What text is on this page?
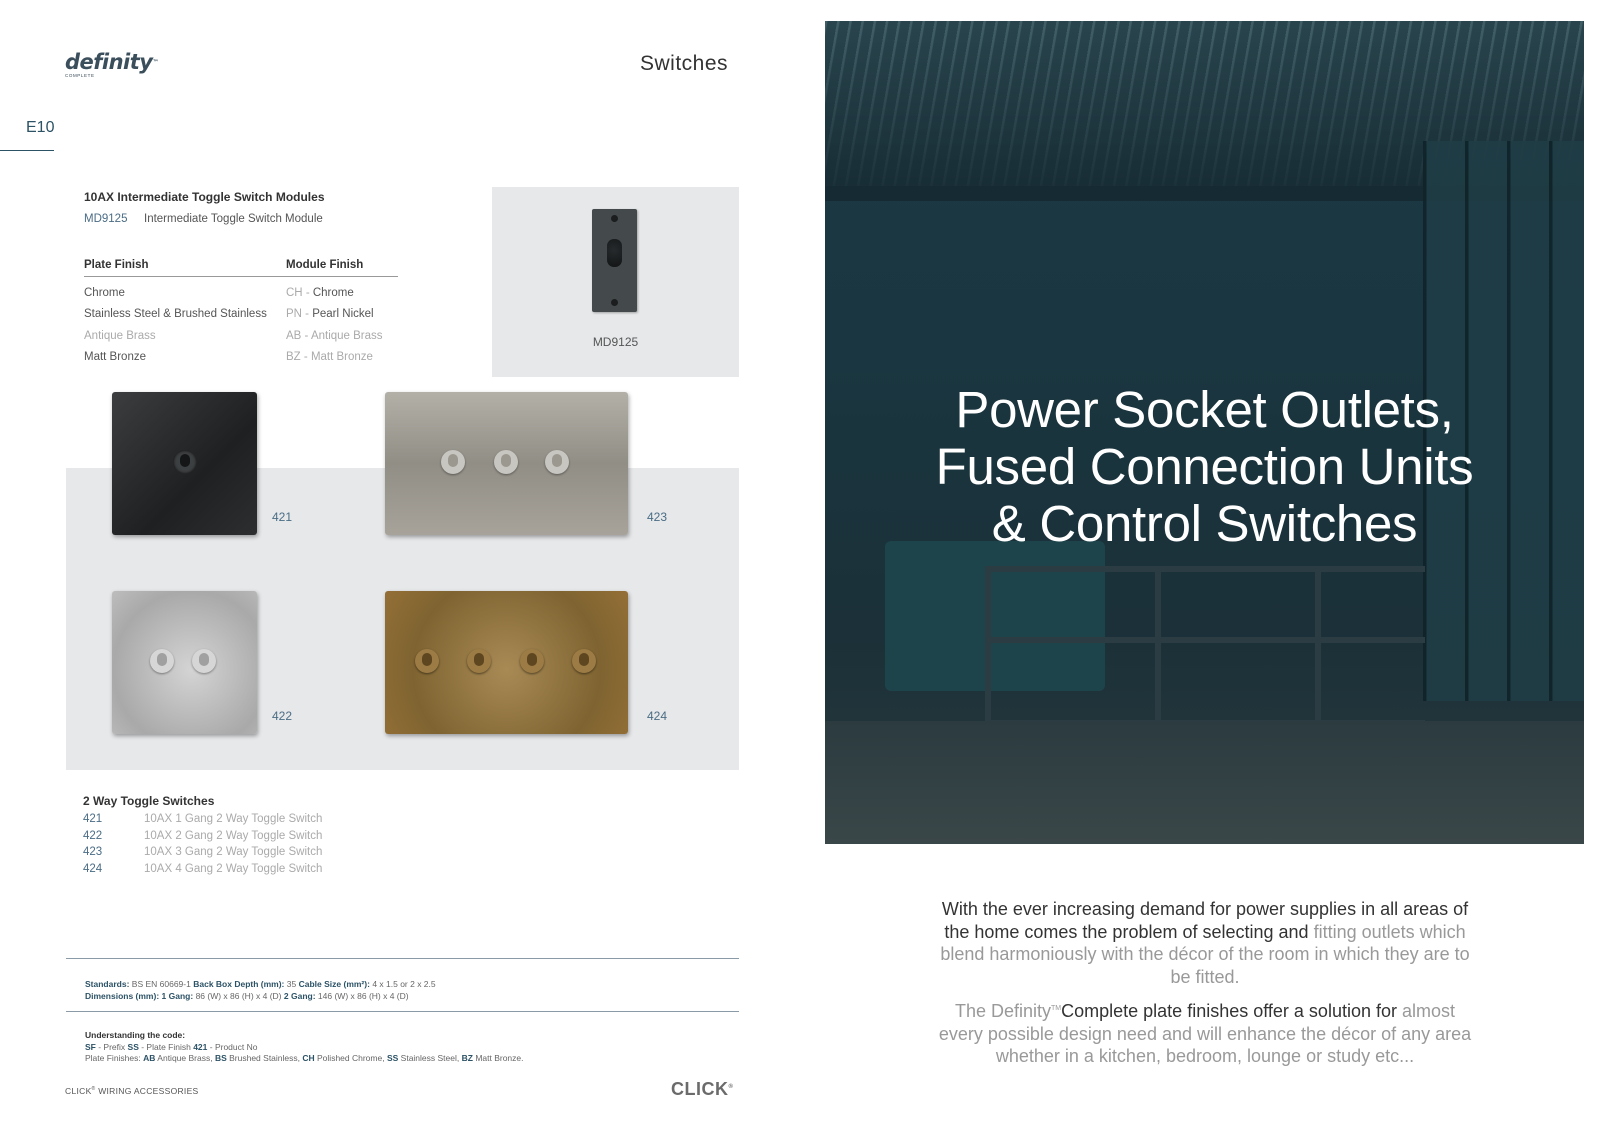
definity™
COMPLETE
Switches
E10
10AX Intermediate Toggle Switch Modules
MD9125 Intermediate Toggle Switch Module
Plate Finish	Module Finish
Chrome	CH - Chrome
Stainless Steel & Brushed Stainless	PN - Pearl Nickel
Antique Brass	AB - Antique Brass
Matt Bronze	BZ - Matt Bronze
MD9125
421	423
422	424
2 Way Toggle Switches
421	10AX 1 Gang 2 Way Toggle Switch
422	10AX 2 Gang 2 Way Toggle Switch
423	10AX 3 Gang 2 Way Toggle Switch
424	10AX 4 Gang 2 Way Toggle Switch
Standards: BS EN 60669-1 Back Box Depth (mm): 35 Cable Size (mm²): 4 x 1.5 or 2 x 2.5
Dimensions (mm): 1 Gang: 86 (W) x 86 (H) x 4 (D) 2 Gang: 146 (W) x 86 (H) x 4 (D)
Understanding the code:
SF - Prefix SS - Plate Finish 421 - Product No
Plate Finishes: AB Antique Brass, BS Brushed Stainless, CH Polished Chrome, SS Stainless Steel, BZ Matt Bronze.
CLICK® WIRING ACCESSORIES	CLICK®
Power Socket Outlets,
Fused Connection Units
& Control Switches

With the ever increasing demand for power supplies in all areas of the home comes the problem of selecting and fitting outlets which blend harmoniously with the décor of the room in which they are to be fitted.

The Definity™Complete plate finishes offer a solution for almost every possible design need and will enhance the décor of any area whether in a kitchen, bedroom, lounge or study etc...
